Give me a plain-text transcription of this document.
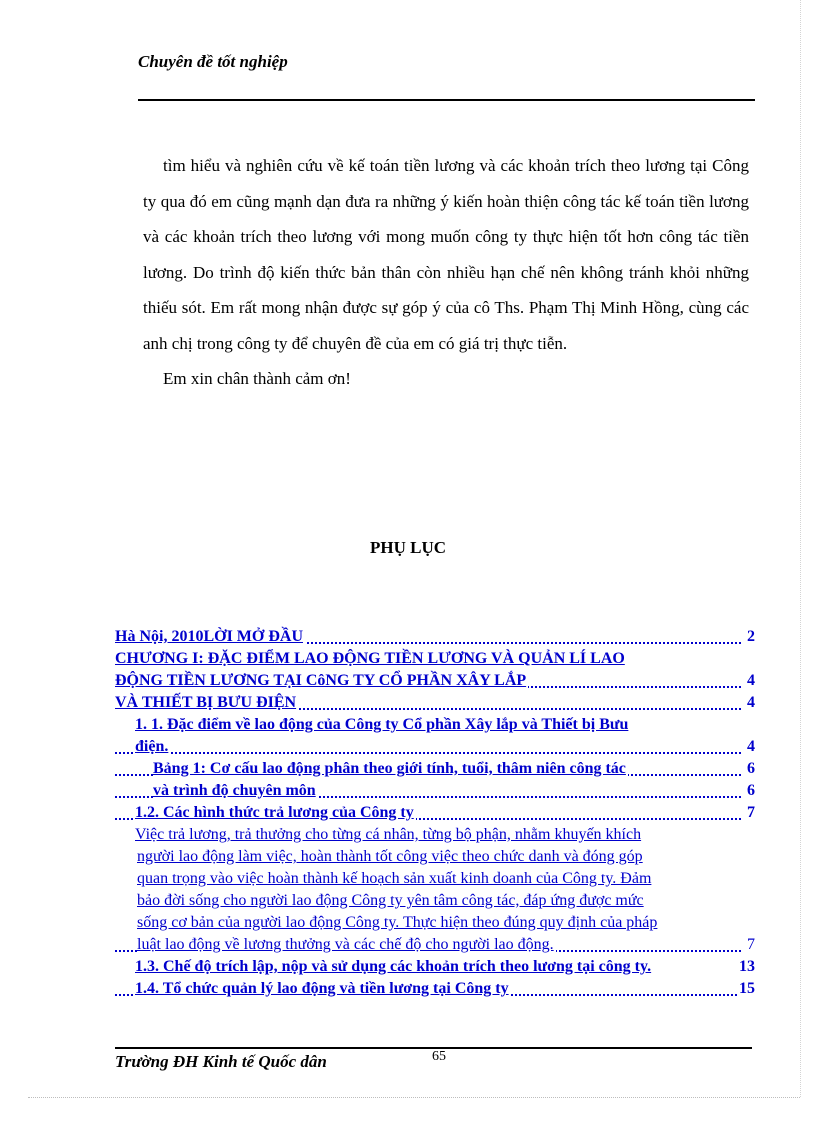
Chuyên đề tốt nghiệp

tìm hiểu và nghiên cứu về kế toán tiền lương và các khoản trích theo lương tại Công ty qua đó em cũng mạnh dạn đưa ra những ý kiến hoàn thiện công tác kế toán tiền lương và các khoản trích theo lương với mong muốn công ty thực hiện tốt hơn công tác tiền lương. Do trình độ kiến thức bản thân còn nhiều hạn chế nên không tránh khỏi những thiếu sót. Em rất mong nhận được sự góp ý của cô Ths. Phạm Thị Minh Hồng, cùng các anh chị trong công ty để chuyên đề của em có giá trị thực tiễn.

Em xin chân thành cảm ơn!

PHỤ LỤC
Hà Nội, 2010LỜI MỞ ĐẦU	2
CHƯƠNG I: ĐẶC ĐIỂM LAO ĐỘNG TIỀN LƯƠNG VÀ QUẢN LÍ LAO
ĐỘNG TIỀN LƯƠNG TẠI CôNG TY CỔ PHẦN XÂY LẮP	4
VÀ THIẾT BỊ BƯU ĐIỆN	4
1. 1. Đặc điểm về lao động của Công ty Cổ phần Xây lắp và Thiết bị Bưu
điện.	4
Bảng 1: Cơ cấu lao động phân theo giới tính, tuổi, thâm niên công tác	6
và trình độ chuyên môn	6
1.2. Các hình thức trả lương của Công ty	7
Việc trả lương, trả thưởng cho từng cá nhân, từng bộ phận, nhằm khuyến khích
người lao động làm việc, hoàn thành tốt công việc theo chức danh và đóng góp
quan trọng vào việc hoàn thành kế hoạch sản xuất kinh doanh của Công ty. Đảm
bảo đời sống cho người lao động Công ty yên tâm công tác, đáp ứng được mức
sống cơ bản của người lao động Công ty. Thực hiện theo đúng quy định của pháp
luật lao động về lương thưởng và các chế độ cho người lao động.	7
1.3. Chế độ trích lập, nộp và sử dụng các khoản trích theo lương tại công ty.	13
1.4. Tổ chức quản lý lao động và tiền lương tại Công ty	15
Trường ĐH Kinh tế Quốc dân	65
